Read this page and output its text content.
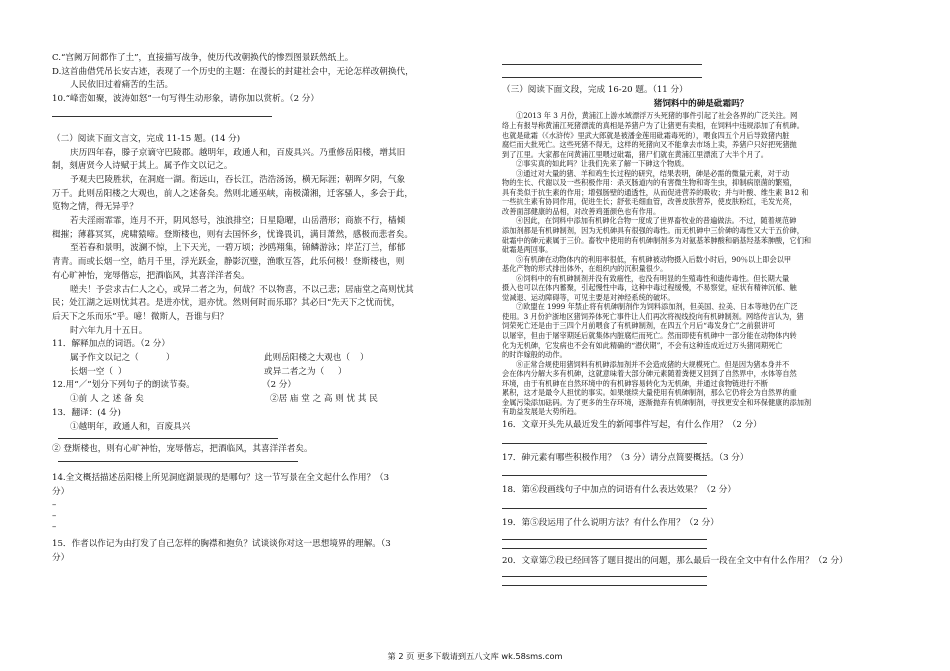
C.“宫阙万间都作了土”，直接描写战争，使历代改朝换代的惨烈图景跃然纸上。
D.这首曲借凭吊长安古迹，表现了一个历史的主题：在漫长的封建社会中，无论怎样改朝换代，
人民依旧过着痛苦的生活。
10.“峰峦如聚，波涛如怒”一句写得生动形象，请你加以赏析。（2 分）
（二）阅读下面文言文，完成 11-15 题。(14 分)
庆历四年春，滕子京谪守巴陵郡。越明年，政通人和，百废具兴。乃重修岳阳楼，增其旧
制，刻唐贤今人诗赋于其上。属予作文以记之。
予观夫巴陵胜状，在洞庭一湖。衔远山，吞长江，浩浩汤汤，横无际涯；朝晖夕阴，气象
万千。此则岳阳楼之大观也，前人之述备矣。然则北通巫峡，南极潇湘，迁客骚人，多会于此，
览物之情，得无异乎？
若夫淫雨霏霏，连月不开，阴风怒号，浊浪排空；日星隐曜，山岳潜形；商旅不行，樯倾
楫摧；薄暮冥冥，虎啸猿啼。登斯楼也，则有去国怀乡，忧谗畏讥，满目萧然，感极而悲者矣。
至若春和景明，波澜不惊，上下天光，一碧万顷；沙鸥翔集，锦鳞游泳；岸芷汀兰，郁郁
青青。而或长烟一空，皓月千里，浮光跃金，静影沉璧，渔歌互答，此乐何极！登斯楼也，则
有心旷神怡，宠辱偕忘，把酒临风，其喜洋洋者矣。
嗟夫！予尝求古仁人之心，或异二者之为，何哉？不以物喜，不以己悲；居庙堂之高则忧其
民；处江湖之远则忧其君。是进亦忧，退亦忧。然则何时而乐耶？其必曰“先天下之忧而忧，
后天下之乐而乐”乎。噫！微斯人，吾谁与归？
时六年九月十五日。
11．解释加点的词语。（2 分）
属予作文以记之（	）	此则岳阳楼之大观也（ ）
长烟一空（ ）	或异二者之为（ ）
12.用“／”划分下列句子的朗读节奏。	（2 分）
①前 人 之 述 备 矣	②居 庙 堂 之 高 则 忧 其 民
13．翻译：(4 分)
①越明年，政通人和，百废具兴
② 登斯楼也，则有心旷神怡，宠辱偕忘，把酒临风，其喜洋洋者矣。
14.全文概括描述岳阳楼上所见洞庭湖景现的是哪句？这一节写景在全文起什么作用？（3
分）
–
–
–
15．作者以作记为由打发了自己怎样的胸襟和抱负？试谈谈你对这一思想境界的理解。（3
分）
（三）阅读下面文段，完成 16-20 题。（11 分）
猪饲料中的砷是砒霜吗？
①2013 年 3 月份，黄浦江上游水域漂浮万头死猪的事件引起了社会各界的广泛关注。网
络上有报导称黄浦江死猪漂流的真相是养猪户为了让猪更有卖相，在饲料中违规添加了有机砷。
也就是砒霜（《水浒传》里武大郎就是被潘金莲用砒霜毒死的），喂食四五个月后导致猪内脏
腐烂而大批死亡。这些死猪不得无，这样的死猪向又不能拿去市场上卖，养猪户只好把死猪抛
到了江里。大家都在问黄浦江里喂过砒霜，猪尸们就在黄浦江里漂流了大半个月了。
②事实真的如此吗？让我们先来了解一下砷这个物质。
③通过对大量的猪、羊和鸡生长过程的研究，结果表明，砷是必需的微量元素，对于动
物的生长、代谢以及一些积极作用：杀灭肠道内的有害微生物和寄生虫，抑制病原菌的繁殖，
具有类似于抗生素的作用；增强肠壁的通透性，从而促进营养的吸收；并与叶酸、维生素 B12 和
一些抗生素有协同作用，促进生长；舒张毛细血管，改善皮肤营养，使皮肤粉红，毛发光亮，
改善面部健康的品相，对改善鸡蛋颜色也有作用。
④因此，在饲料中添加有机砷化合物一度成了世界畜牧业的普遍做法。不过，随着规范砷
添加剂都是有机砷制剂，因为无机砷具有很强的毒性。而无机砷中三价砷的毒性又大于五价砷，
砒霜中的砷元素属于三价。畜牧中使用的有机砷制剂多为对氨基苯胂酸和硝基羟基苯胂酸，它们和
砒霜是两回事。
⑤有机砷在动物体内的利用率很低，有机砷被动物摄入后数小时后，90％以上即会以甲
基化产物的形式排出体外，在组织内的沉积量很少。
⑥饲料中的有机砷制剂并没有致癌性，也没有明显的生殖毒性和遗传毒性。但长期大量
摄入也可以在体内蓄聚，引起慢性中毒，这种中毒过程缓慢，不易察觉，症状有精神沉郁、触
觉减退、运动障碍等，可见主要是对神经系统的破坏。
⑦欧盟在 1999 年禁止将有机砷制剂作为饲料添加剂，但美国、拉美、日本等地仍在广泛
使用。3 月份沪浙地区猪饲养体死亡事件让人们再次将视线投向有机砷制剂。网络传言认为，猪
饲荣死亡还是由于三四个月前喂食了有机砷制剂，在四五个月后“毒发身亡”之前狠讲可
以屠宰，但由于屠宰期延后就集体内脏腐烂而死亡。然而即使有机砷中一部分能在动物体内转
化为无机砷，它发病也不会有如此精确的“潜伏期”，不会有这种连成近过万头猪同期死亡
的时诈嫁般的动作。
⑧正常合规使用猪饲料有机砷添加剂并不会造成猪的大规模死亡。但是因为猪本身并不
会在体内分解大多有机砷，这就意味着大部分砷元素随着粪便又回到了自然界中，水体等自然
环境，由于有机砷在自然环境中的有机砷容易转化为无机砷，并通过食物链进行不断
累积，这才是最令人担忧的事实。如果继续大量使用有机砷制剂，那么它仍将会为自然界的重
金属污染添加砝码。为了更多的生存环境，逐渐抛弃有机砷制剂，寻找更安全和环保健康的添加剂
有助益发展是大势所趋。
16．文章开头先从最近发生的新闻事件写起，有什么作用？（2 分）
17．砷元素有哪些积极作用？（3 分）请分点简要概括。（3 分）
18．第⑥段画线句子中加点的词语有什么表达效果？（2 分）
19．第⑤段运用了什么说明方法？有什么作用？（2 分）
20．文章第⑦段已经回答了题目提出的问题，那么最后一段在全文中有什么作用？（2 分）
第 2 页 更多下载请到五八文库 wk.58sms.com
